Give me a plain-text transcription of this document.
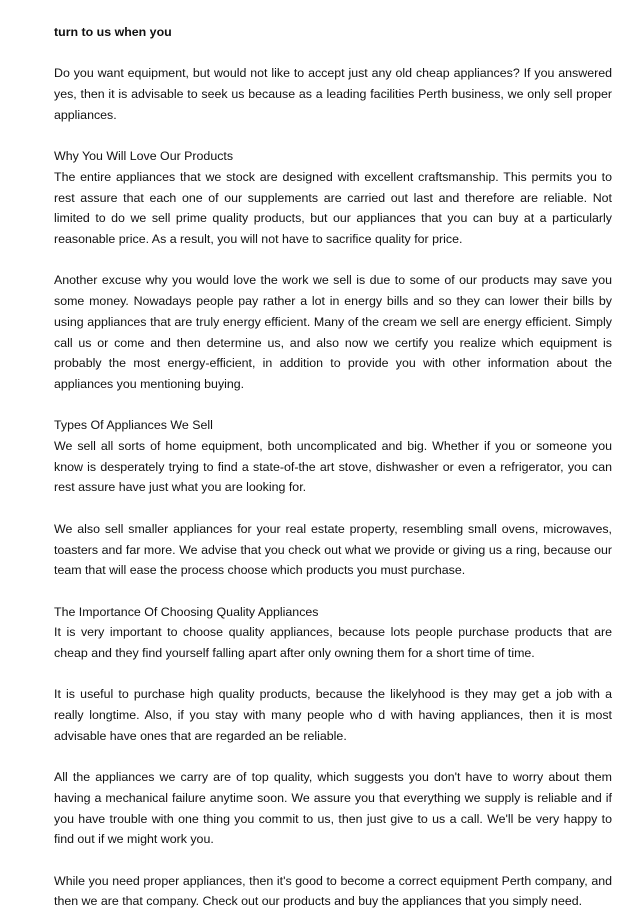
turn to us when you

Do you want equipment, but would not like to accept just any old cheap appliances? If you answered yes, then it is advisable to seek us because as a leading facilities Perth business, we only sell proper appliances.

Why You Will Love Our Products

The entire appliances that we stock are designed with excellent craftsmanship. This permits you to rest assure that each one of our supplements are carried out last and therefore are reliable. Not limited to do we sell prime quality products, but our appliances that you can buy at a particularly reasonable price. As a result, you will not have to sacrifice quality for price.

Another excuse why you would love the work we sell is due to some of our products may save you some money. Nowadays people pay rather a lot in energy bills and so they can lower their bills by using appliances that are truly energy efficient. Many of the cream we sell are energy efficient. Simply call us or come and then determine us, and also now we certify you realize which equipment is probably the most energy-efficient, in addition to provide you with other information about the appliances you mentioning buying.

Types Of Appliances We Sell

We sell all sorts of home equipment, both uncomplicated and big. Whether if you or someone you know is desperately trying to find a state-of-the art stove, dishwasher or even a refrigerator, you can rest assure have just what you are looking for.

We also sell smaller appliances for your real estate property, resembling small ovens, microwaves, toasters and far more. We advise that you check out what we provide or giving us a ring, because our team that will ease the process choose which products you must purchase.

The Importance Of Choosing Quality Appliances

It is very important to choose quality appliances, because lots people purchase products that are cheap and they find yourself falling apart after only owning them for a short time of time.

It is useful to purchase high quality products, because the likelyhood is they may get a job with a really longtime. Also, if you stay with many people who d with having appliances, then it is most advisable have ones that are regarded an be reliable.

All the appliances we carry are of top quality, which suggests you don't have to worry about them having a mechanical failure anytime soon. We assure you that everything we supply is reliable and if you have trouble with one thing you commit to us, then just give to us a call. We'll be very happy to find out if we might work you.

While you need proper appliances, then it's good to become a correct equipment Perth company, and then we are that company. Check out our products and buy the appliances that you simply need.
